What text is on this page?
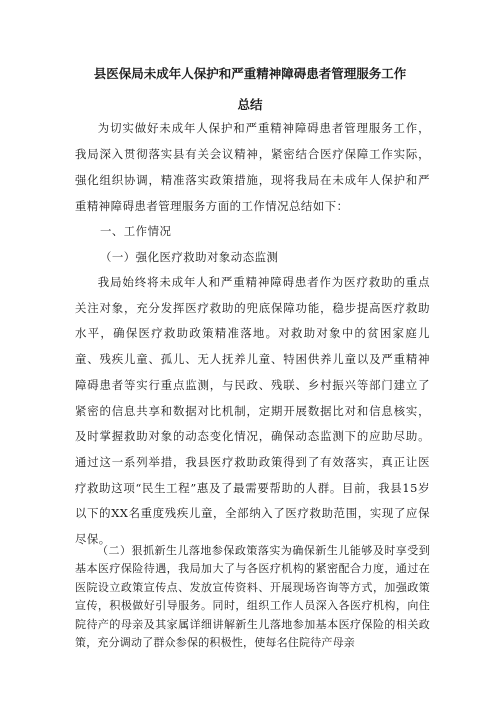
县医保局未成年人保护和严重精神障碍患者管理服务工作
总结

为切实做好未成年人保护和严重精神障碍患者管理服务工作，我局深入贯彻落实县有关会议精神，紧密结合医疗保障工作实际，强化组织协调，精准落实政策措施，现将我局在未成年人保护和严重精神障碍患者管理服务方面的工作情况总结如下：

一、工作情况

（一）强化医疗救助对象动态监测

我局始终将未成年人和严重精神障碍患者作为医疗救助的重点关注对象，充分发挥医疗救助的兜底保障功能，稳步提高医疗救助水平，确保医疗救助政策精准落地。对救助对象中的贫困家庭儿童、残疾儿童、孤儿、无人抚养儿童、特困供养儿童以及严重精神障碍患者等实行重点监测，与民政、残联、乡村振兴等部门建立了紧密的信息共享和数据对比机制，定期开展数据比对和信息核实，及时掌握救助对象的动态变化情况，确保动态监测下的应助尽助。通过这一系列举措，我县医疗救助政策得到了有效落实，真正让医疗救助这项“民生工程”惠及了最需要帮助的人群。目前，我县15岁以下的XX名重度残疾儿童，全部纳入了医疗救助范围，实现了应保尽保。

（二）狠抓新生儿落地参保政策落实为确保新生儿能够及时享受到基本医疗保险待遇，我局加大了与各医疗机构的紧密配合力度，通过在医院设立政策宣传点、发放宣传资料、开展现场咨询等方式，加强政策宣传，积极做好引导服务。同时，组织工作人员深入各医疗机构，向住院待产的母亲及其家属详细讲解新生儿落地参加基本医疗保险的相关政策，充分调动了群众参保的积极性，使每名住院待产母亲
